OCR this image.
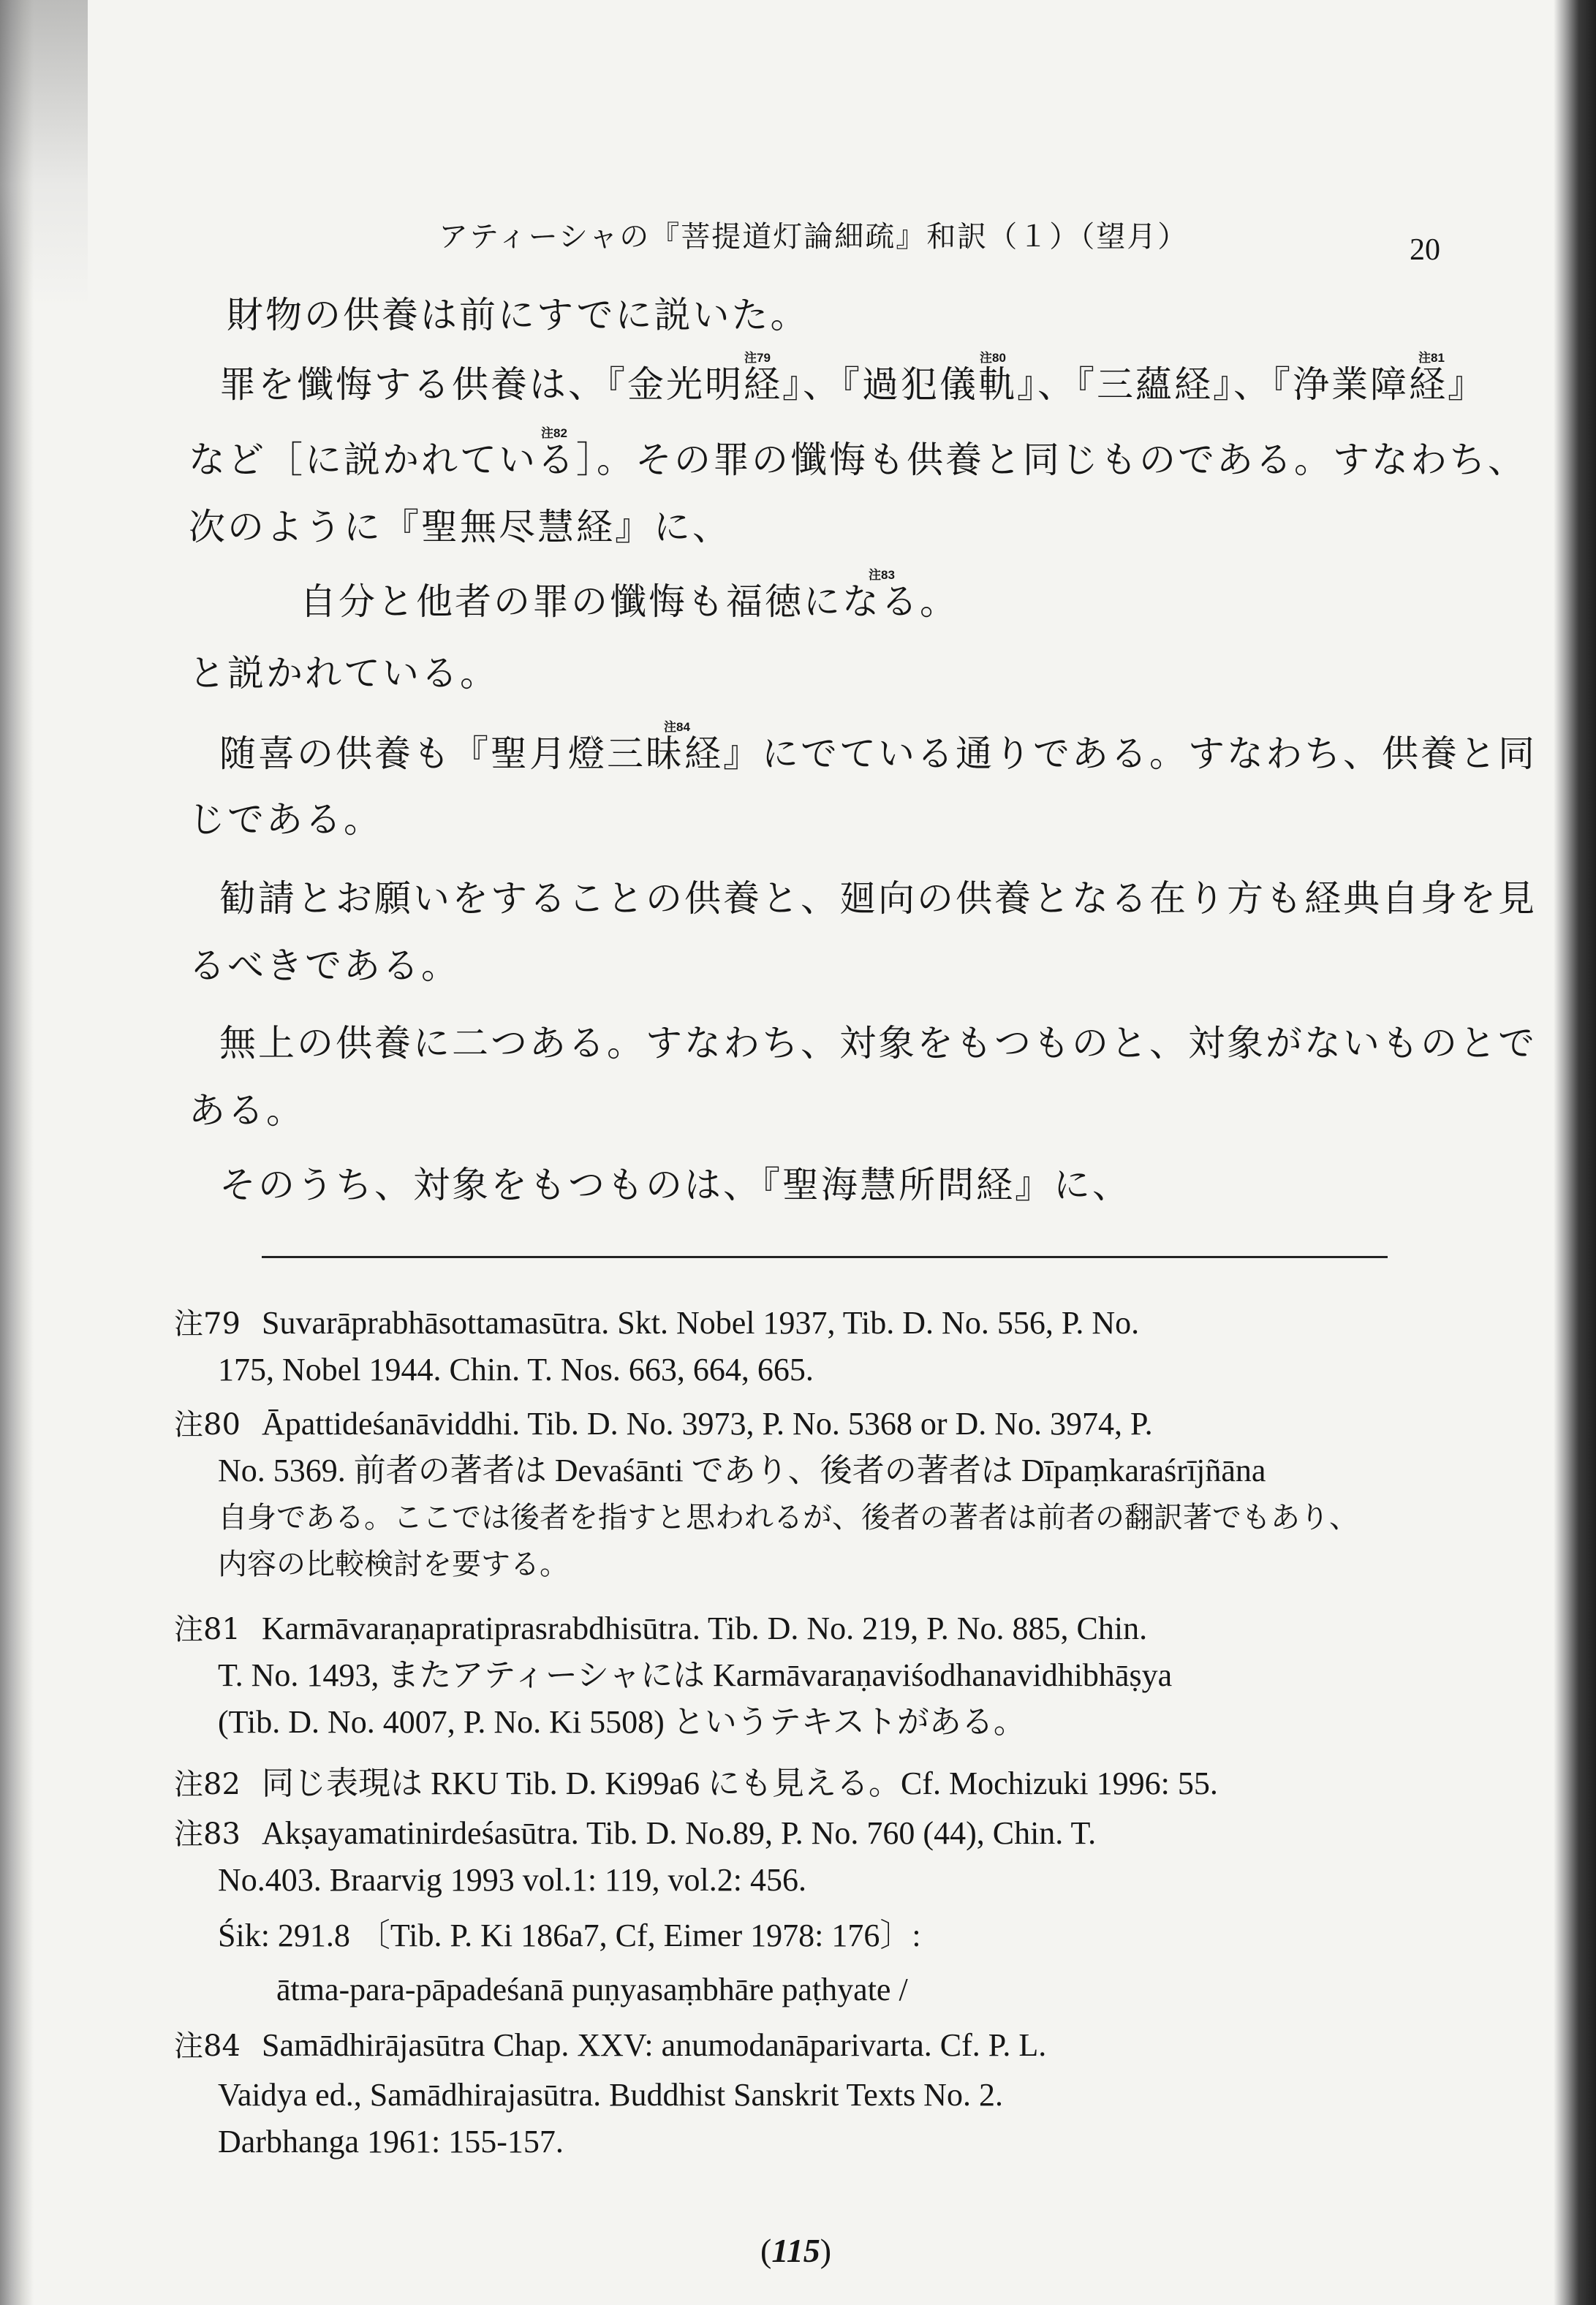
アティーシャの『菩提道灯論細疏』和訳（１）（望月）	20
財物の供養は前にすでに説いた。
罪を懺悔する供養は、『金光明経』、『過犯儀軌』、『三蘊経』、『浄業障経』
注79	注80	注81
など［に説かれている］。その罪の懺悔も供養と同じものである。すなわち、
注82
次のように『聖無尽慧経』に、
自分と他者の罪の懺悔も福徳になる。
注83
と説かれている。
随喜の供養も『聖月燈三昧経』にでている通りである。すなわち、供養と同
注84
じである。
勧請とお願いをすることの供養と、廻向の供養となる在り方も経典自身を見
るべきである。
無上の供養に二つある。すなわち、対象をもつものと、対象がないものとで
ある。
そのうち、対象をもつものは、『聖海慧所問経』に、
注79 Suvarāprabhāsottamasūtra. Skt. Nobel 1937, Tib. D. No. 556, P. No.
175, Nobel 1944. Chin. T. Nos. 663, 664, 665.
注80 Āpattideśanāviddhi. Tib. D. No. 3973, P. No. 5368 or D. No. 3974, P.
No. 5369. 前者の著者は Devaśānti であり、後者の著者は Dīpaṃkaraśrījñāna
自身である。ここでは後者を指すと思われるが、後者の著者は前者の翻訳著でもあり、
内容の比較検討を要する。
注81 Karmāvaraṇapratiprasrabdhisūtra. Tib. D. No. 219, P. No. 885, Chin.
T. No. 1493, またアティーシャには Karmāvaraṇaviśodhanavidhibhāṣya
(Tib. D. No. 4007, P. No. Ki 5508) というテキストがある。
注82 同じ表現は RKU Tib. D. Ki99a6 にも見える。Cf. Mochizuki 1996: 55.
注83 Akṣayamatinirdeśasūtra. Tib. D. No.89, P. No. 760 (44), Chin. T.
No.403. Braarvig 1993 vol.1: 119, vol.2: 456.
Śik: 291.8 〔Tib. P. Ki 186a7, Cf, Eimer 1978: 176〕:
ātma-para-pāpadeśanā puṇyasaṃbhāre paṭhyate /
注84 Samādhirājasūtra Chap. XXV: anumodanāparivarta. Cf. P. L.
Vaidya ed., Samādhirajasūtra. Buddhist Sanskrit Texts No. 2.
Darbhanga 1961: 155-157.
(115)
